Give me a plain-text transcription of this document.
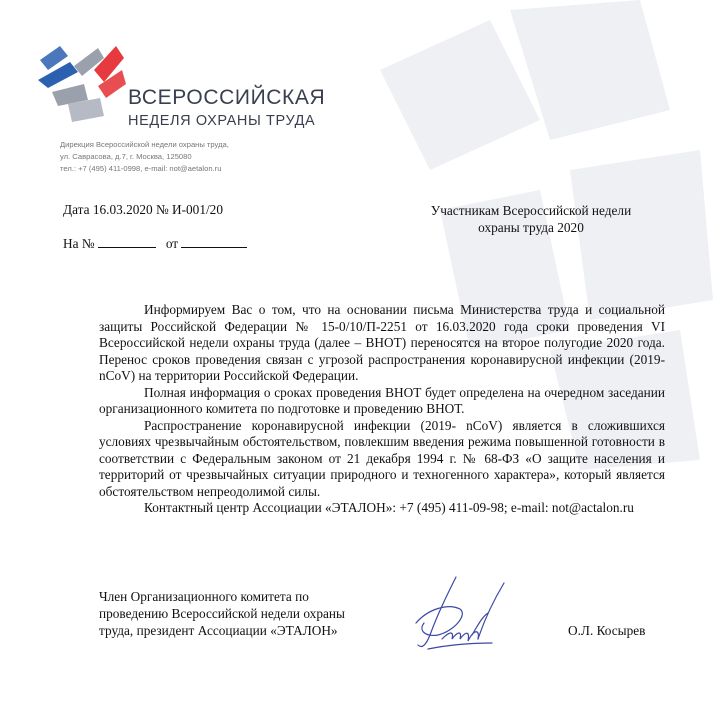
ВСЕРОССИЙСКАЯ
НЕДЕЛЯ ОХРАНЫ ТРУДА
Дирекция Всероссийской недели охраны труда,
ул. Саврасова, д.7, г. Москва, 125080
тел.: +7 (495) 411-0998, e-mail: not@aetalon.ru
Дата 16.03.2020 № И-001/20
На №	от
Участникам Всероссийской недели
охраны труда 2020

Информируем Вас о том, что на основании письма Министерства труда и социальной защиты Российской Федерации № 15-0/10/П-2251 от 16.03.2020 года сроки проведения VI Всероссийской недели охраны труда (далее – ВНОТ) переносятся на второе полугодие 2020 года. Перенос сроков проведения связан с угрозой распространения коронавирусной инфекции (2019-nCoV) на территории Российской Федерации.

Полная информация о сроках проведения ВНОТ будет определена на очередном заседании организационного комитета по подготовке и проведению ВНОТ.

Распространение коронавирусной инфекции (2019- nCoV) является в сложившихся условиях чрезвычайным обстоятельством, повлекшим введения режима повышенной готовности в соответствии с Федеральным законом от 21 декабря 1994 г. № 68-ФЗ «О защите населения и территорий от чрезвычайных ситуации природного и техногенного характера», который является обстоятельством непреодолимой силы.

Контактный центр Ассоциации «ЭТАЛОН»: +7 (495) 411-09-98; e-mail: not@actalon.ru

Член Организационного комитета по
проведению Всероссийской недели охраны
труда, президент Ассоциации «ЭТАЛОН»	О.Л. Косырев
